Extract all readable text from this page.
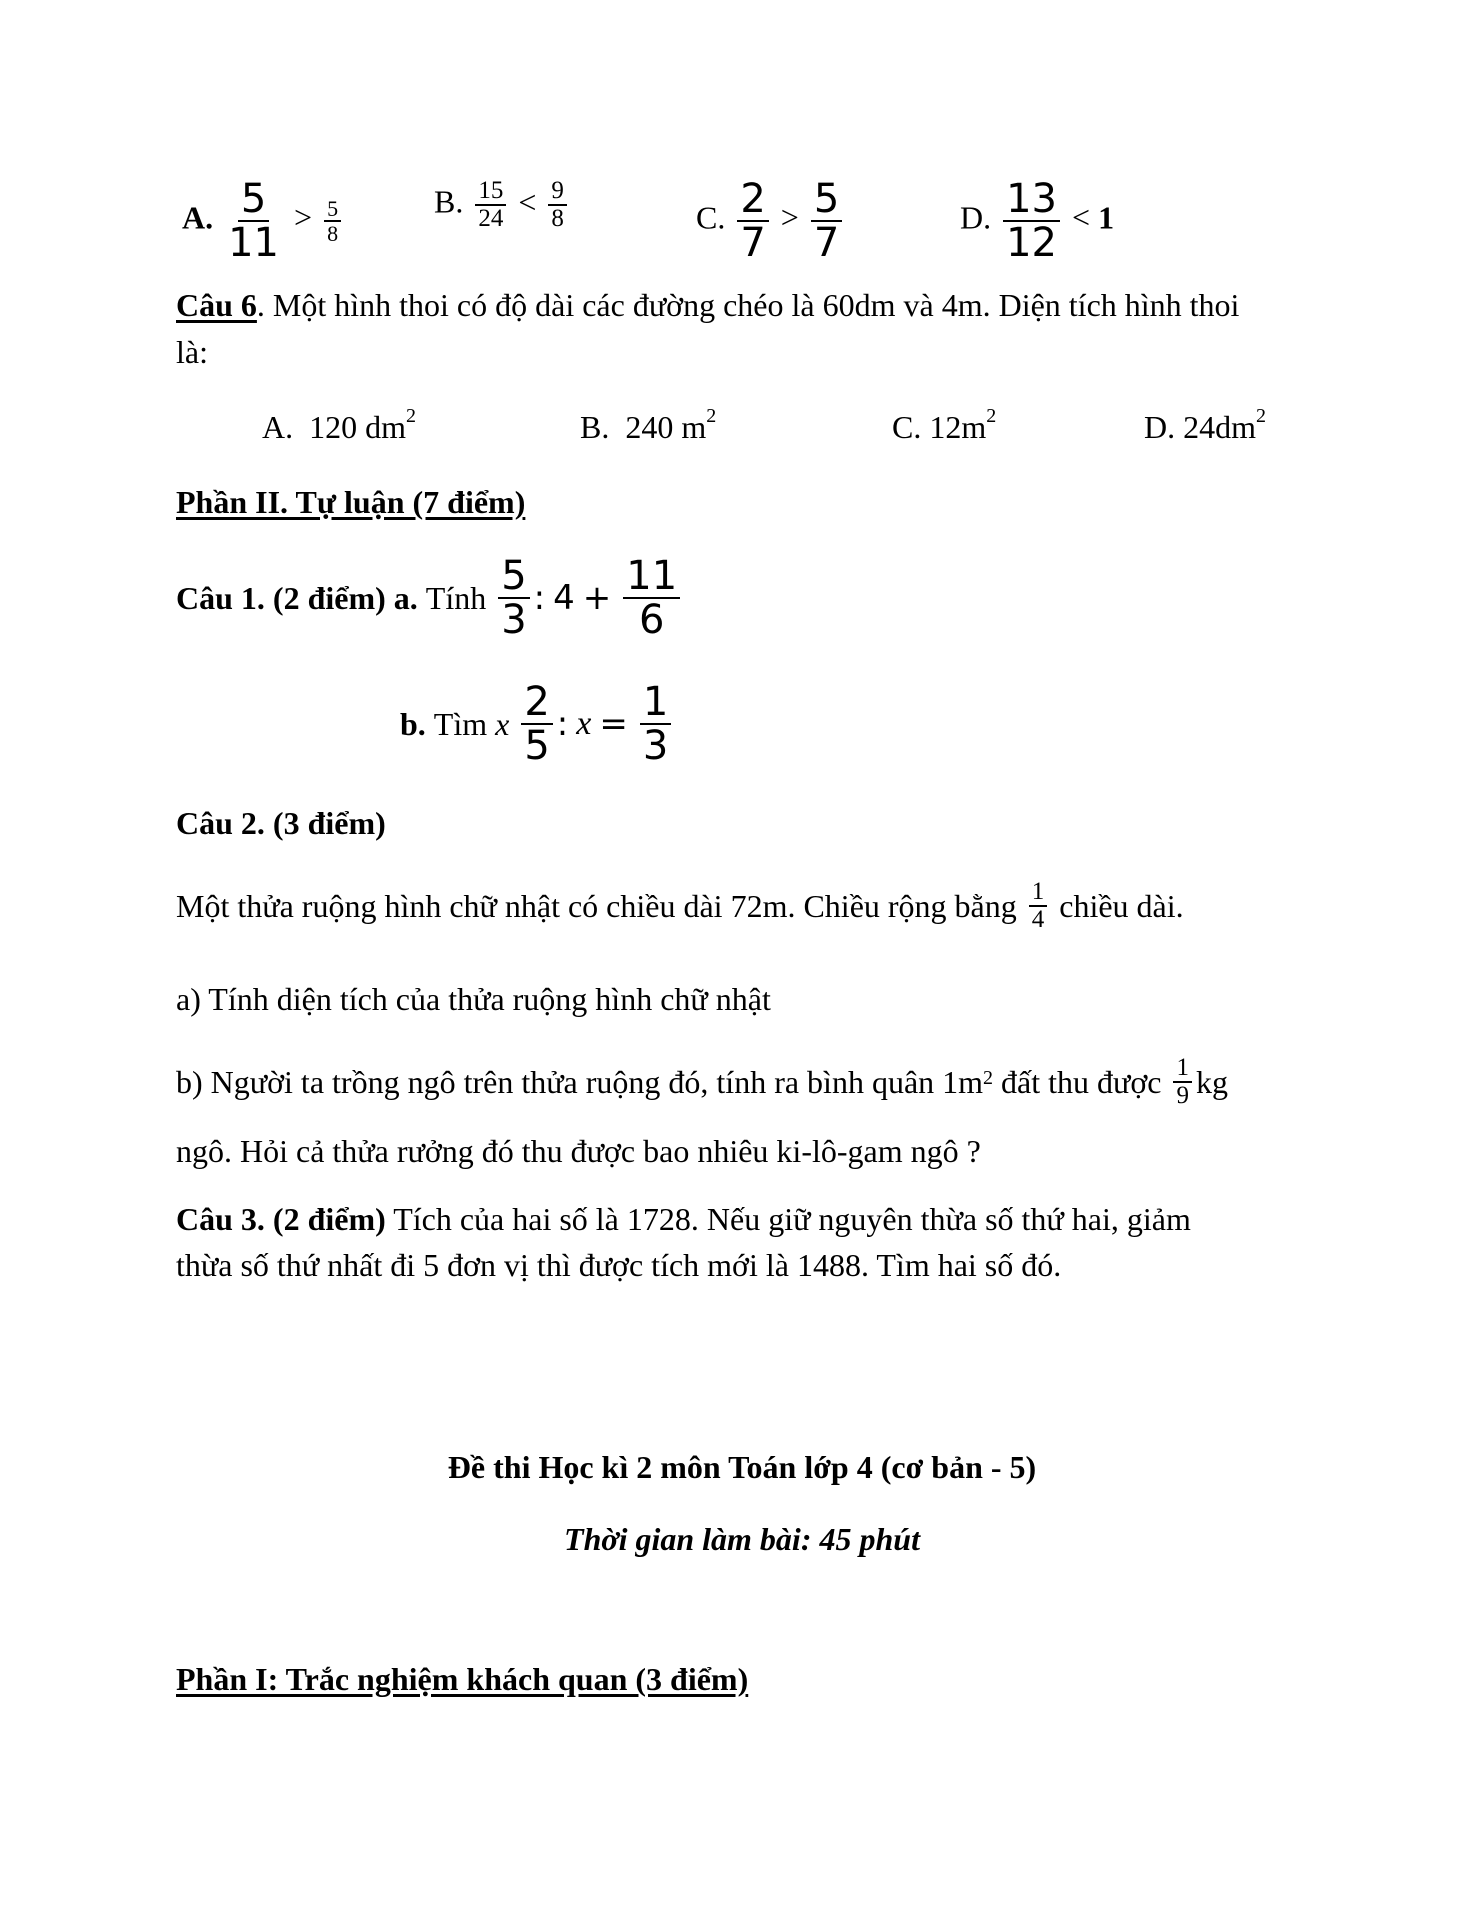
A. $\frac{5}{11} > \frac{5}{8}$	B. $\frac{15}{24} < \frac{9}{8}$	C. $\frac{2}{7} > \frac{5}{7}$	D. $\frac{13}{12} < 1$
Câu 6. Một hình thoi có độ dài các đường chéo là 60dm và 4m. Diện tích hình thoi
là:
A. 120 $dm^2$	B. 240 $m^2$	C. $12m^2$	D. $24dm^2$
Phần II. Tự luận (7 điểm)
Câu 1. (2 điểm)
a.
Tính
$\frac{5}{3}$ :
$4 + \frac{11}{6}$
b.
Tìm
x
$\frac{2}{5}$ :
$x = \frac{1}{3}$
Câu 2. (3 điểm)
Một thửa ruộng hình chữ nhật có chiều dài 72m. Chiều rộng bằng
$\frac{1}{4}$
chiều dài.
a) Tính diện tích của thửa ruộng hình chữ nhật
b) Người ta trồng ngô trên thửa ruộng đó, tính ra bình quân $1m^2$
đất thu được
$\frac{1}{9}$ kg
ngô. Hỏi cả thửa rưởng đó thu được bao nhiêu ki-lô-gam ngô ?
Câu 3. (2 điểm) Tích của hai số là 1728. Nếu giữ nguyên thừa số thứ hai, giảm
thừa số thứ nhất đi 5 đơn vị thì được tích mới là 1488. Tìm hai số đó.
Đề thi Học kì 2 môn Toán lớp 4 (cơ bản - 5)
Thời gian làm bài: 45 phút
Phần I: Trắc nghiệm khách quan (3 điểm)
